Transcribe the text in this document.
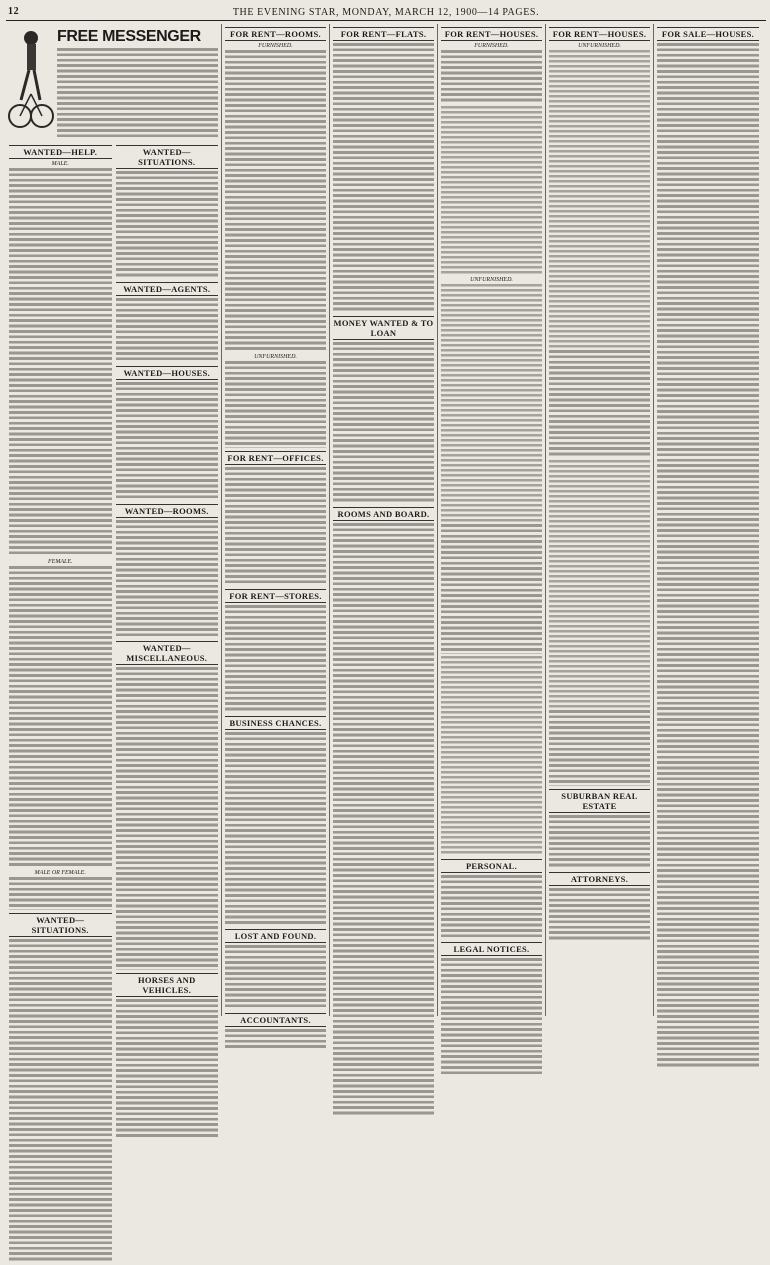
12	THE EVENING STAR, MONDAY, MARCH 12, 1900—14 PAGES.
FREE MESSENGER
WANTED—HELP.
MALE.
FEMALE.
MALE OR FEMALE.
WANTED—SITUATIONS.
WANTED—SITUATIONS.
WANTED—AGENTS.
WANTED—HOUSES.
WANTED—ROOMS.
WANTED—MISCELLANEOUS.
HORSES AND VEHICLES.
FOR RENT—ROOMS.
FURNISHED.
UNFURNISHED.
FOR RENT—OFFICES.
FOR RENT—STORES.
BUSINESS CHANCES.
LOST AND FOUND.
ACCOUNTANTS.
FOR RENT—FLATS.
MONEY WANTED & TO LOAN
ROOMS AND BOARD.
FOR RENT—HOUSES.
FURNISHED.
UNFURNISHED.
PERSONAL.
LEGAL NOTICES.
FOR RENT—HOUSES.
UNFURNISHED.
SUBURBAN REAL ESTATE
ATTORNEYS.
FOR SALE—HOUSES.
